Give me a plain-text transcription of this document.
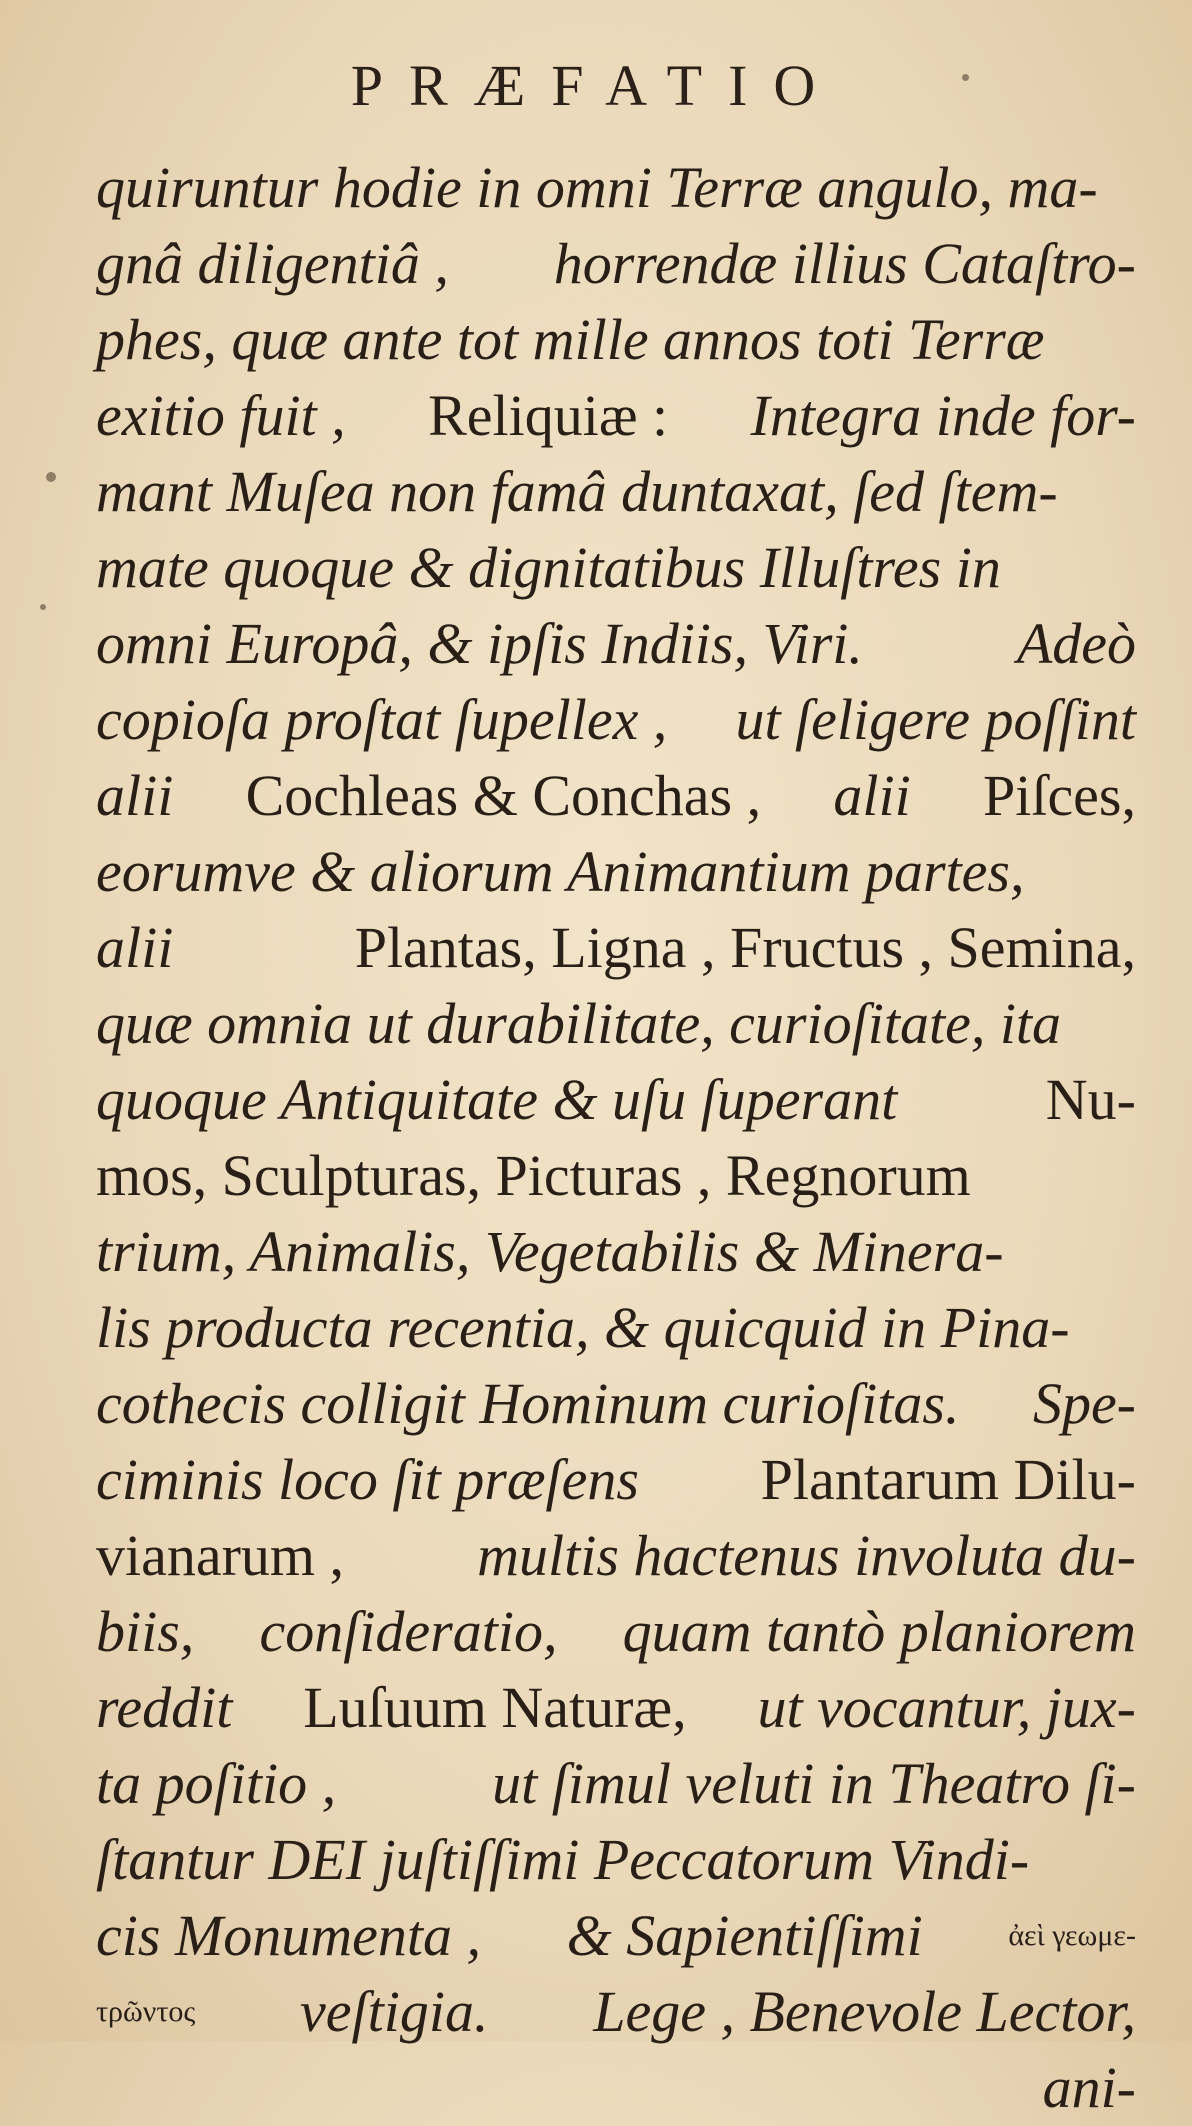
PRÆFATIO
quiruntur hodie in omni Terræ angulo, ma-
gnâ diligentiâ , horrendæ illius Cataſtro-
phes, quæ ante tot mille annos toti Terræ
exitio fuit , Reliquiæ : Integra inde for-
mant Muſea non famâ duntaxat, ſed ſtem-
mate quoque & dignitatibus Illuſtres in
omni Europâ, & ipſis Indiis, Viri.	Adeò
copioſa proſtat ſupellex , ut ſeligere poſſint
alii Cochleas & Conchas , alii Piſces,
eorumve & aliorum Animantium partes,
alii	Plantas, Ligna , Fructus , Semina,
quæ omnia ut durabilitate, curioſitate, ita
quoque Antiquitate & uſu ſuperant	Nu-
mos, Sculpturas, Picturas , Regnorum
trium, Animalis, Vegetabilis & Minera-
lis producta recentia, & quicquid in Pina-
cothecis colligit Hominum curioſitas. Spe-
ciminis loco ſit præſens Plantarum Dilu-
vianarum , multis hactenus involuta du-
biis, conſideratio, quam tantò planiorem
reddit Luſuum Naturæ, ut vocantur, jux-
ta poſitio ,	ut ſimul veluti in Theatro ſi-
ſtantur DEI juſtiſſimi Peccatorum Vindi-
cis Monumenta , & Sapientiſſimi	ἀεὶ γεωμε-
τρῶντος veſtigia. Lege , Benevole Lector,
ani-
